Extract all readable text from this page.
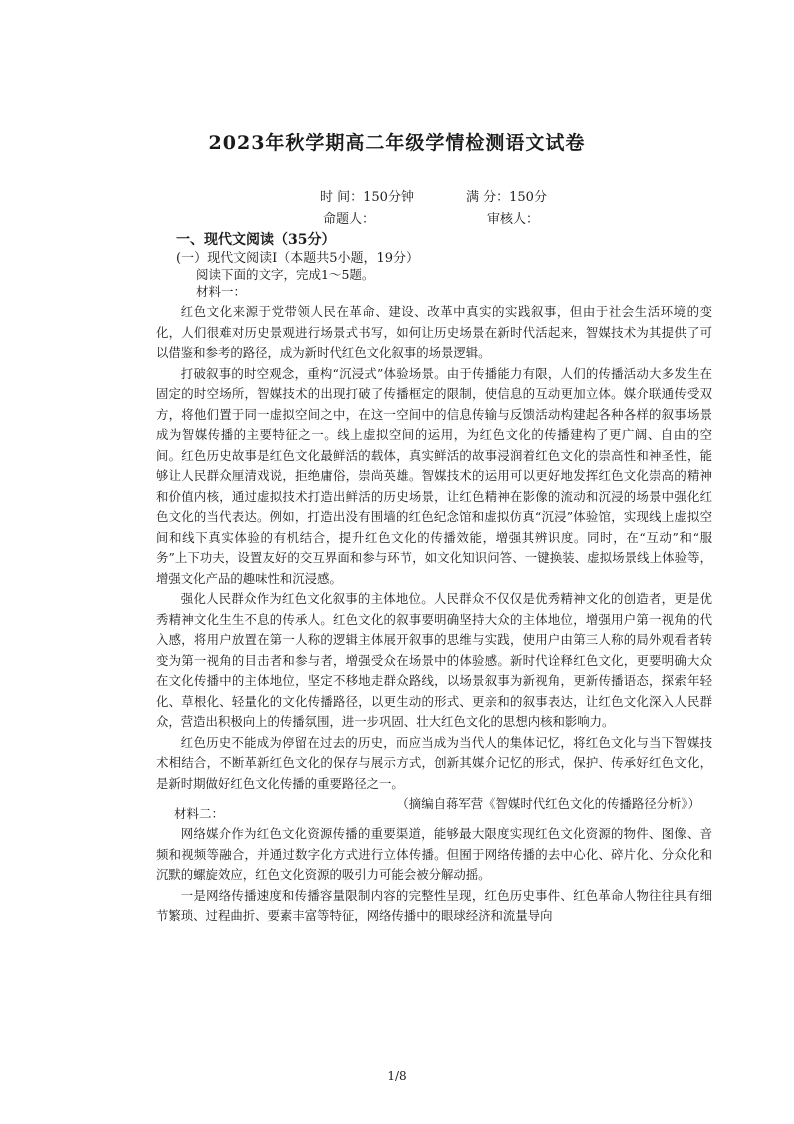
2023年秋学期高二年级学情检测语文试卷
时 间：150分钟	满 分：150分
命题人：	审核人：
一、现代文阅读（35分）
(一）现代文阅读Ⅰ（本题共5小题，19分）
阅读下面的文字，完成1～5题。
材料一：

红色文化来源于党带领人民在革命、建设、改革中真实的实践叙事，但由于社会生活环境的变化，人们很难对历史景观进行场景式书写，如何让历史场景在新时代活起来，智媒技术为其提供了可以借鉴和参考的路径，成为新时代红色文化叙事的场景逻辑。

打破叙事的时空观念，重构“沉浸式”体验场景。由于传播能力有限，人们的传播活动大多发生在固定的时空场所，智媒技术的出现打破了传播框定的限制，使信息的互动更加立体。媒介联通传受双方，将他们置于同一虚拟空间之中，在这一空间中的信息传输与反馈活动构建起各种各样的叙事场景成为智媒传播的主要特征之一。线上虚拟空间的运用，为红色文化的传播建构了更广阔、自由的空间。红色历史故事是红色文化最鲜活的载体，真实鲜活的故事浸润着红色文化的崇高性和神圣性，能够让人民群众厘清戏说，拒绝庸俗，崇尚英雄。智媒技术的运用可以更好地发挥红色文化崇高的精神和价值内核，通过虚拟技术打造出鲜活的历史场景，让红色精神在影像的流动和沉浸的场景中强化红色文化的当代表达。例如，打造出没有围墙的红色纪念馆和虚拟仿真“沉浸”体验馆，实现线上虚拟空间和线下真实体验的有机结合，提升红色文化的传播效能，增强其辨识度。同时，在“互动”和“服务”上下功夫，设置友好的交互界面和参与环节，如文化知识问答、一键换装、虚拟场景线上体验等，增强文化产品的趣味性和沉浸感。

强化人民群众作为红色文化叙事的主体地位。人民群众不仅仅是优秀精神文化的创造者，更是优秀精神文化生生不息的传承人。红色文化的叙事要明确坚持大众的主体地位，增强用户第一视角的代入感，将用户放置在第一人称的逻辑主体展开叙事的思维与实践，使用户由第三人称的局外观看者转变为第一视角的目击者和参与者，增强受众在场景中的体验感。新时代诠释红色文化，更要明确大众在文化传播中的主体地位，坚定不移地走群众路线，以场景叙事为新视角，更新传播语态，探索年轻化、草根化、轻量化的文化传播路径，以更生动的形式、更亲和的叙事表达，让红色文化深入人民群众，营造出积极向上的传播氛围，进一步巩固、壮大红色文化的思想内核和影响力。

红色历史不能成为停留在过去的历史，而应当成为当代人的集体记忆，将红色文化与当下智媒技术相结合，不断革新红色文化的保存与展示方式，创新其媒介记忆的形式，保护、传承好红色文化，是新时期做好红色文化传播的重要路径之一。

（摘编自蒋军营《智媒时代红色文化的传播路径分析》）

材料二：

网络媒介作为红色文化资源传播的重要渠道，能够最大限度实现红色文化资源的物件、图像、音频和视频等融合，并通过数字化方式进行立体传播。但囿于网络传播的去中心化、碎片化、分众化和沉默的螺旋效应，红色文化资源的吸引力可能会被分解动摇。

一是网络传播速度和传播容量限制内容的完整性呈现，红色历史事件、红色革命人物往往具有细节繁琐、过程曲折、要素丰富等特征，网络传播中的眼球经济和流量导向

1/8
